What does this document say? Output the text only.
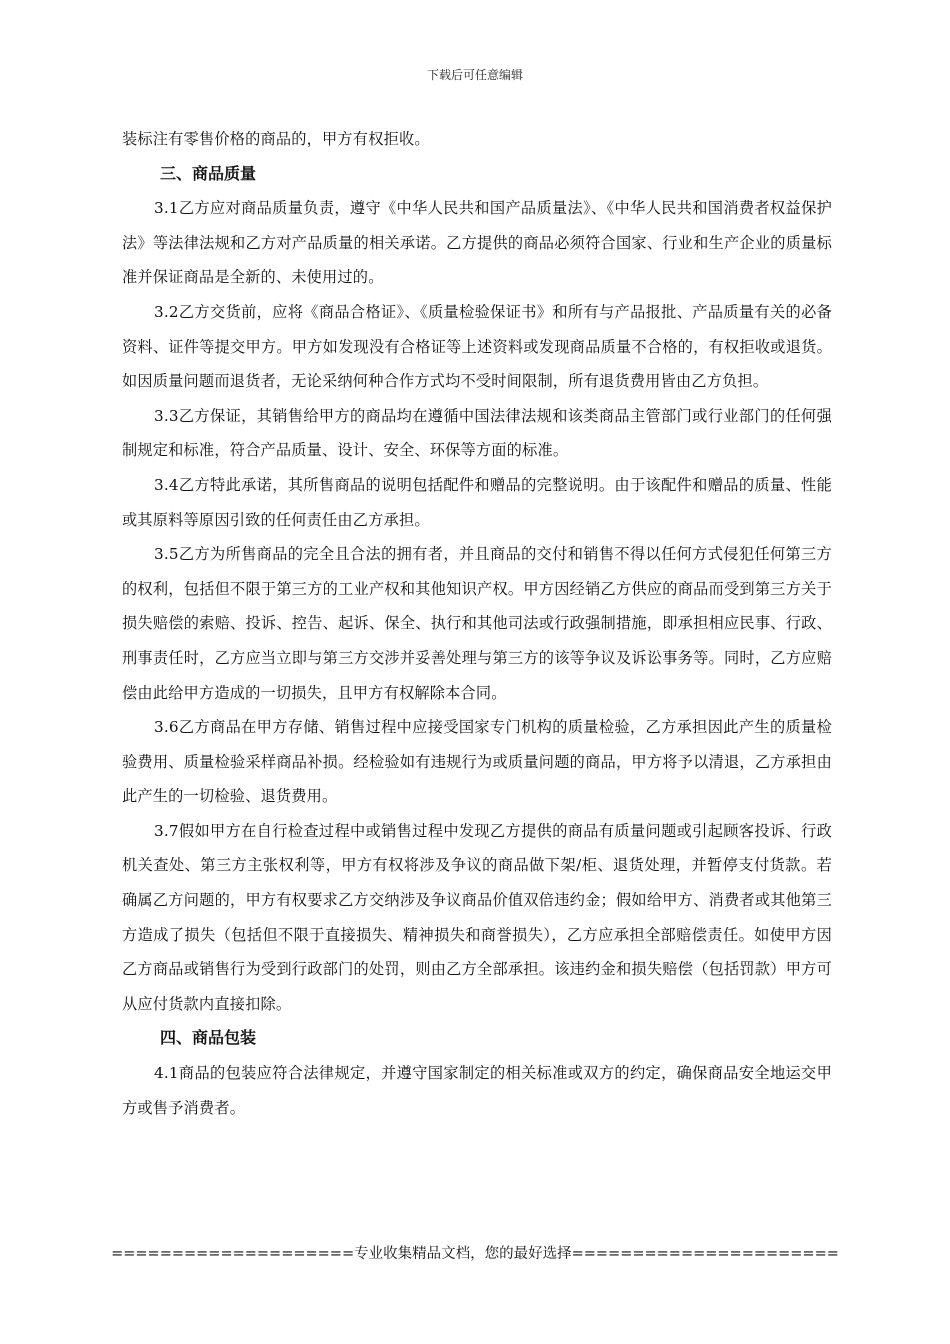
下载后可任意编辑

装标注有零售价格的商品的，甲方有权拒收。

三、商品质量

3.1乙方应对商品质量负责，遵守《中华人民共和国产品质量法》、《中华人民共和国消费者权益保护法》等法律法规和乙方对产品质量的相关承诺。乙方提供的商品必须符合国家、行业和生产企业的质量标准并保证商品是全新的、未使用过的。

3.2乙方交货前，应将《商品合格证》、《质量检验保证书》和所有与产品报批、产品质量有关的必备资料、证件等提交甲方。甲方如发现没有合格证等上述资料或发现商品质量不合格的，有权拒收或退货。如因质量问题而退货者，无论采纳何种合作方式均不受时间限制，所有退货费用皆由乙方负担。

3.3乙方保证，其销售给甲方的商品均在遵循中国法律法规和该类商品主管部门或行业部门的任何强制规定和标准，符合产品质量、设计、安全、环保等方面的标准。

3.4乙方特此承诺，其所售商品的说明包括配件和赠品的完整说明。由于该配件和赠品的质量、性能或其原料等原因引致的任何责任由乙方承担。

3.5乙方为所售商品的完全且合法的拥有者，并且商品的交付和销售不得以任何方式侵犯任何第三方的权利，包括但不限于第三方的工业产权和其他知识产权。甲方因经销乙方供应的商品而受到第三方关于损失赔偿的索赔、投诉、控告、起诉、保全、执行和其他司法或行政强制措施，即承担相应民事、行政、刑事责任时，乙方应当立即与第三方交涉并妥善处理与第三方的该等争议及诉讼事务等。同时，乙方应赔偿由此给甲方造成的一切损失，且甲方有权解除本合同。

3.6乙方商品在甲方存储、销售过程中应接受国家专门机构的质量检验，乙方承担因此产生的质量检验费用、质量检验采样商品补损。经检验如有违规行为或质量问题的商品，甲方将予以清退，乙方承担由此产生的一切检验、退货费用。

3.7假如甲方在自行检查过程中或销售过程中发现乙方提供的商品有质量问题或引起顾客投诉、行政机关查处、第三方主张权利等，甲方有权将涉及争议的商品做下架/柜、退货处理，并暂停支付货款。若确属乙方问题的，甲方有权要求乙方交纳涉及争议商品价值双倍违约金；假如给甲方、消费者或其他第三方造成了损失（包括但不限于直接损失、精神损失和商誉损失），乙方应承担全部赔偿责任。如使甲方因乙方商品或销售行为受到行政部门的处罚，则由乙方全部承担。该违约金和损失赔偿（包括罚款）甲方可从应付货款内直接扣除。

四、商品包装

4.1商品的包装应符合法律规定，并遵守国家制定的相关标准或双方的约定，确保商品安全地运交甲方或售予消费者。

====================专业收集精品文档，您的最好选择======================
